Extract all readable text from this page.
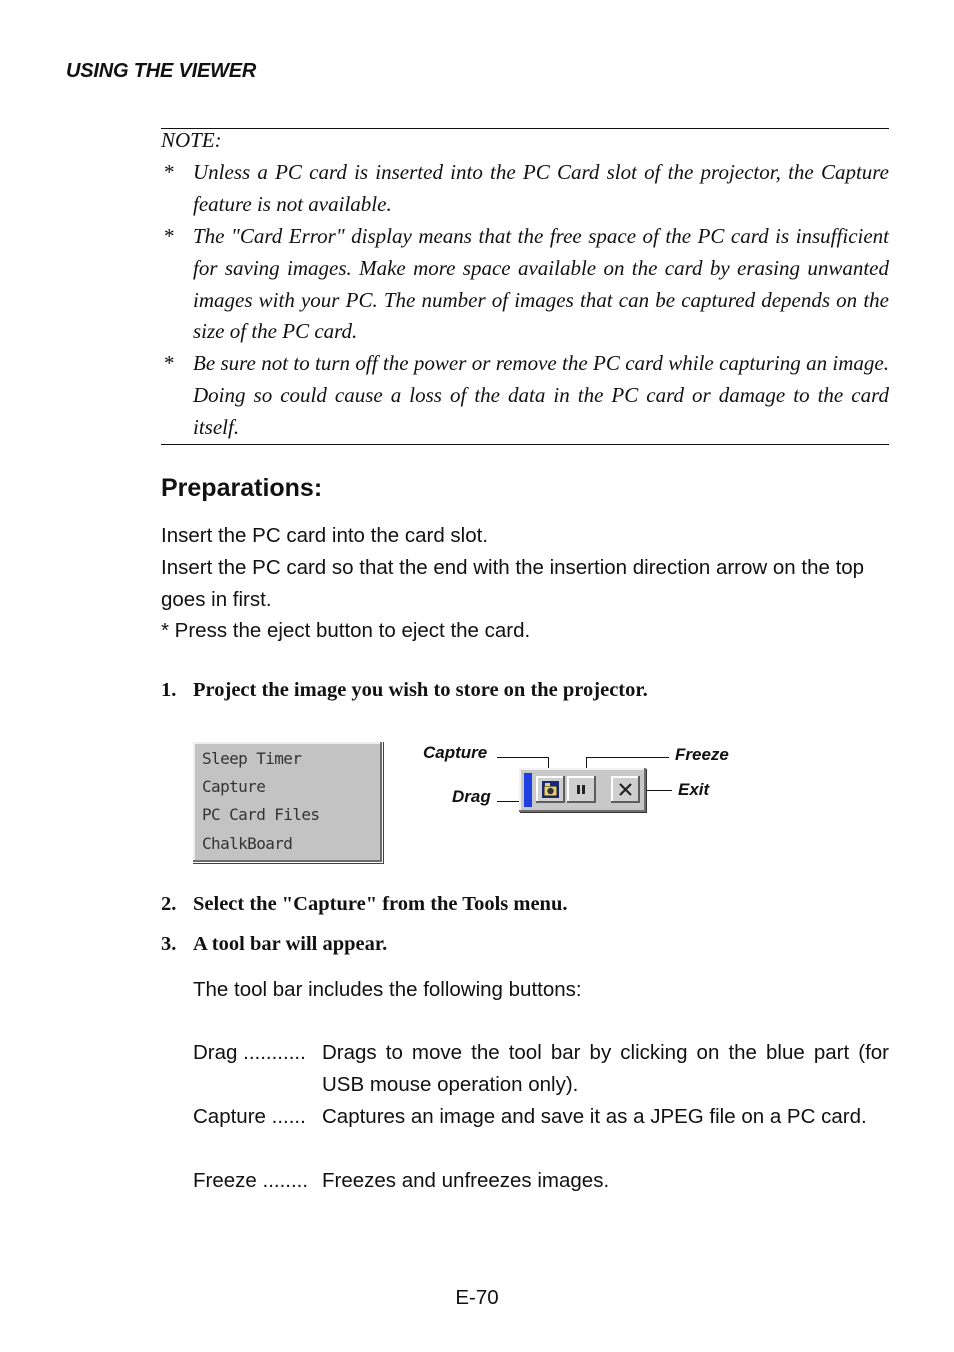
USING THE VIEWER
NOTE:
* Unless a PC card is inserted into the PC Card slot of the projector, the Capture feature is not available.
* The "Card Error" display means that the free space of the PC card is insufficient for saving images. Make more space available on the card by erasing unwanted images with your PC. The number of images that can be captured depends on the size of the PC card.
* Be sure not to turn off the power or remove the PC card while capturing an image. Doing so could cause a loss of the data in the PC card or damage to the card itself.
Preparations:
Insert the PC card into the card slot.
Insert the PC card so that the end with the insertion direction arrow on the top goes in first.
* Press the eject button to eject the card.
1. Project the image you wish to store on the projector.
Sleep Timer
Capture
PC Card Files
ChalkBoard
Capture
Drag
Freeze
Exit
2. Select the "Capture" from the Tools menu.
3. A tool bar will appear.
The tool bar includes the following buttons:
Drag ........... Drags to move the tool bar by clicking on the blue part (for USB mouse operation only).
Capture ...... Captures an image and save it as a JPEG file on a PC card.
Freeze ........ Freezes and unfreezes images.
E-70
